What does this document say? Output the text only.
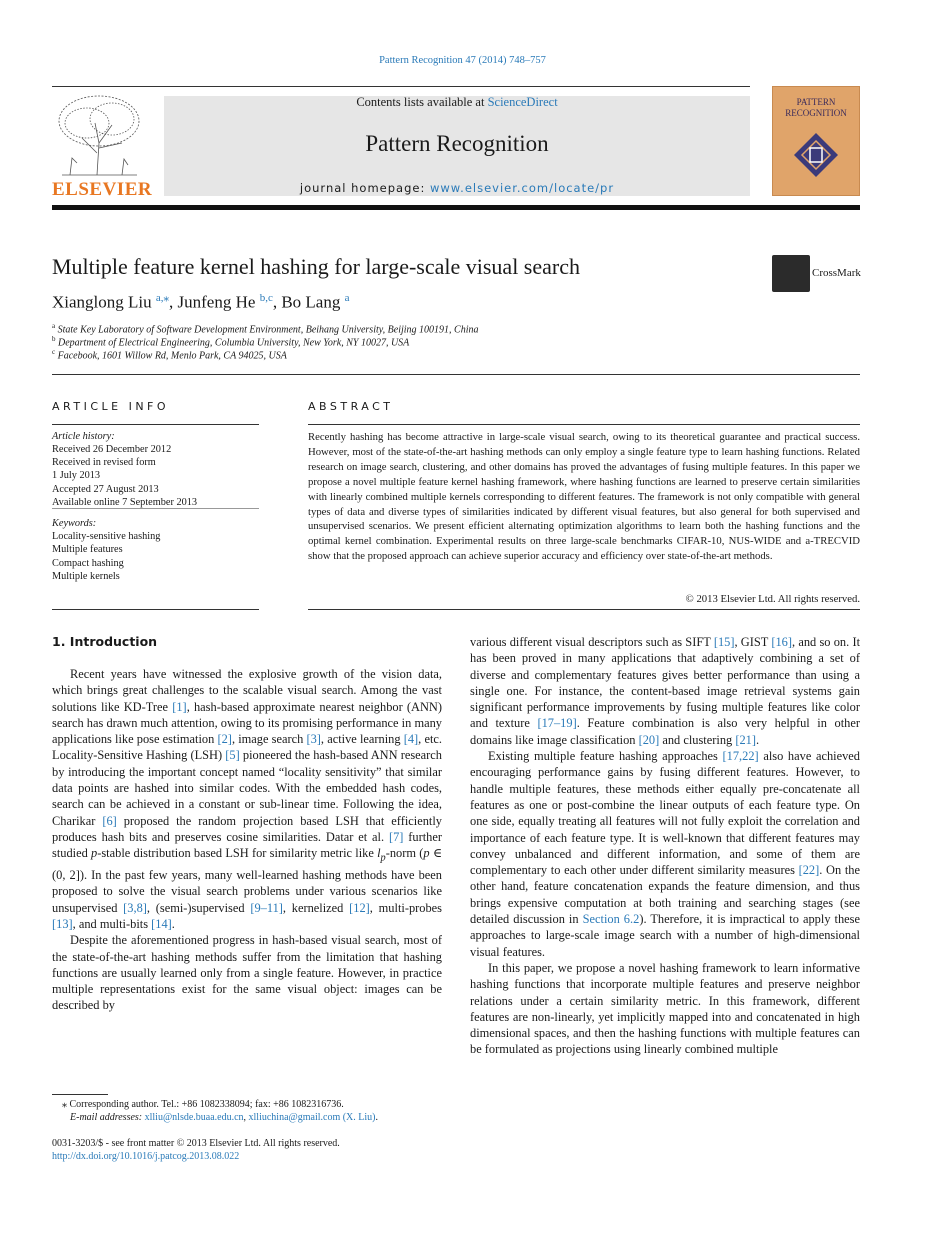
Pattern Recognition 47 (2014) 748–757
ELSEVIER
Contents lists available at ScienceDirect
Pattern Recognition
journal homepage: www.elsevier.com/locate/pr
PATTERN
RECOGNITION
Multiple feature kernel hashing for large-scale visual search	CrossMark
Xianglong Liu $^{a,⁎}$, Junfeng He $^{b,c}$, Bo Lang $^a$
$^a$ State Key Laboratory of Software Development Environment, Beihang University, Beijing 100191, China
$^b$ Department of Electrical Engineering, Columbia University, New York, NY 10027, USA
$^c$ Facebook, 1601 Willow Rd, Menlo Park, CA 94025, USA
ARTICLE INFO
Article history:
Received 26 December 2012
Received in revised form
1 July 2013
Accepted 27 August 2013
Available online 7 September 2013
Keywords:
Locality-sensitive hashing
Multiple features
Compact hashing
Multiple kernels
ABSTRACT
Recently hashing has become attractive in large-scale visual search, owing to its theoretical guarantee and practical success. However, most of the state-of-the-art hashing methods can only employ a single feature type to learn hashing functions. Related research on image search, clustering, and other domains has proved the advantages of fusing multiple features. In this paper we propose a novel multiple feature kernel hashing framework, where hashing functions are learned to preserve certain similarities with linearly combined multiple kernels corresponding to different features. The framework is not only compatible with general types of data and diverse types of similarities indicated by different visual features, but also general for both supervised and unsupervised scenarios. We present efficient alternating optimization algorithms to learn both the hashing functions and the optimal kernel combination. Experimental results on three large-scale benchmarks CIFAR-10, NUS-WIDE and a-TRECVID show that the proposed approach can achieve superior accuracy and efficiency over state-of-the-art methods.
© 2013 Elsevier Ltd. All rights reserved.
1. Introduction

Recent years have witnessed the explosive growth of the vision data, which brings great challenges to the scalable visual search. Among the vast solutions like KD-Tree [1], hash-based approximate nearest neighbor (ANN) search has drawn much attention, owing to its promising performance in many applications like pose estimation [2], image search [3], active learning [4], etc. Locality-Sensitive Hashing (LSH) [5] pioneered the hash-based ANN research by introducing the important concept named “locality sensitivity” that similar data points are hashed into similar codes. With the embedded hash codes, search can be achieved in a constant or sub-linear time. Following the idea, Charikar [6] proposed the random projection based LSH that efficiently produces hash bits and preserves cosine similarities. Datar et al. [7] further studied p-stable distribution based LSH for similarity metric like $l_p$-norm (p ∈ (0, 2]). In the past few years, many well-learned hashing methods have been proposed to solve the visual search problems under various scenarios like unsupervised [3,8], (semi-)supervised [9–11], kernelized [12], multi-probes [13], and multi-bits [14].

Despite the aforementioned progress in hash-based visual search, most of the state-of-the-art hashing methods suffer from the limitation that hashing functions are usually learned only from a single feature. However, in practice multiple representations exist for the same visual object: images can be described by

various different visual descriptors such as SIFT [15], GIST [16], and so on. It has been proved in many applications that adaptively combining a set of diverse and complementary features gives better performance than using a single one. For instance, the content-based image retrieval systems gain significant performance improvements by fusing multiple features like color and texture [17–19]. Feature combination is also very helpful in other domains like image classification [20] and clustering [21].

Existing multiple feature hashing approaches [17,22] also have achieved encouraging performance gains by fusing different features. However, to handle multiple features, these methods either equally pre-concatenate all features as one or post-combine the linear outputs of each feature type. On one side, equally treating all features will not fully exploit the correlation and importance of each feature type. It is well-known that different features may convey unbalanced and different information, and some of them are complementary to each other under different similarity measures [22]. On the other hand, feature concatenation expands the feature dimension, and thus brings expensive computation at both training and searching stages (see detailed discussion in Section 6.2). Therefore, it is impractical to apply these approaches to large-scale image search with a number of high-dimensional visual features.

In this paper, we propose a novel hashing framework to learn informative hashing functions that incorporate multiple features and preserve neighbor relations under a certain similarity metric. In this framework, different features are non-linearly, yet implicitly mapped into and concatenated in high dimensional spaces, and then the hashing functions with multiple features can be formulated as projections using linearly combined multiple

⁎ Corresponding author. Tel.: +86 1082338094; fax: +86 1082316736.
E-mail addresses: xlliu@nlsde.buaa.edu.cn, xlliuchina@gmail.com (X. Liu).
0031-3203/$ - see front matter © 2013 Elsevier Ltd. All rights reserved.
http://dx.doi.org/10.1016/j.patcog.2013.08.022
